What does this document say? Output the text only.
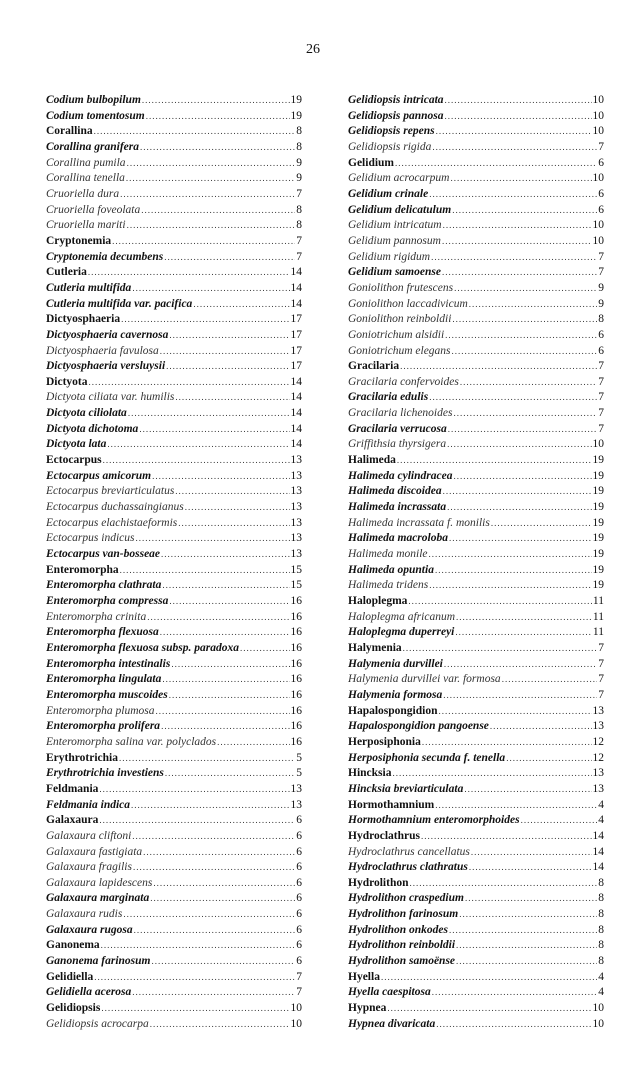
26
Codium bulbopilum .....	19
Codium tomentosum .....	19
Corallina .....	8
Corallina granifera .....	8
Corallina pumila .....	9
Corallina tenella .....	9
Cruoriella dura .....	7
Cruoriella foveolata .....	8
Cruoriella mariti .....	8
Cryptonemia .....	7
Cryptonemia decumbens .....	7
Cutleria .....	14
Cutleria multifida .....	14
Cutleria multifida var. pacifica .....	14
Dictyosphaeria .....	17
Dictyosphaeria cavernosa .....	17
Dictyosphaeria favulosa .....	17
Dictyosphaeria versluysii .....	17
Dictyota .....	14
Dictyota ciliata var. humilis .....	14
Dictyota ciliolata .....	14
Dictyota dichotoma .....	14
Dictyota lata .....	14
Ectocarpus .....	13
Ectocarpus amicorum .....	13
Ectocarpus breviarticulatus .....	13
Ectocarpus duchassaingianus .....	13
Ectocarpus elachistaeformis .....	13
Ectocarpus indicus .....	13
Ectocarpus van-bosseae .....	13
Enteromorpha .....	15
Enteromorpha clathrata .....	15
Enteromorpha compressa .....	16
Enteromorpha crinita .....	16
Enteromorpha flexuosa .....	16
Enteromorpha flexuosa subsp. paradoxa .....	16
Enteromorpha intestinalis .....	16
Enteromorpha lingulata .....	16
Enteromorpha muscoides .....	16
Enteromorpha plumosa .....	16
Enteromorpha prolifera .....	16
Enteromorpha salina var. polyclados .....	16
Erythrotrichia .....	5
Erythrotrichia investiens .....	5
Feldmania .....	13
Feldmania indica .....	13
Galaxaura .....	6
Galaxaura cliftoni .....	6
Galaxaura fastigiata .....	6
Galaxaura fragilis .....	6
Galaxaura lapidescens .....	6
Galaxaura marginata .....	6
Galaxaura rudis .....	6
Galaxaura rugosa .....	6
Ganonema .....	6
Ganonema farinosum .....	6
Gelidiella .....	7
Gelidiella acerosa .....	7
Gelidiopsis .....	10
Gelidiopsis acrocarpa .....	10
Gelidiopsis intricata .....	10
Gelidiopsis pannosa .....	10
Gelidiopsis repens .....	10
Gelidiopsis rigida .....	7
Gelidium .....	6
Gelidium acrocarpum .....	10
Gelidium crinale .....	6
Gelidium delicatulum .....	6
Gelidium intricatum .....	10
Gelidium pannosum .....	10
Gelidium rigidum .....	7
Gelidium samoense .....	7
Goniolithon frutescens .....	9
Goniolithon laccadivicum .....	9
Goniolithon reinboldii .....	8
Goniotrichum alsidii .....	6
Goniotrichum elegans .....	6
Gracilaria .....	7
Gracilaria confervoides .....	7
Gracilaria edulis .....	7
Gracilaria lichenoides .....	7
Gracilaria verrucosa .....	7
Griffithsia thyrsigera .....	10
Halimeda .....	19
Halimeda cylindracea .....	19
Halimeda discoidea .....	19
Halimeda incrassata .....	19
Halimeda incrassata f. monilis .....	19
Halimeda macroloba .....	19
Halimeda monile .....	19
Halimeda opuntia .....	19
Halimeda tridens .....	19
Haloplegma .....	11
Haloplegma africanum .....	11
Haloplegma duperreyi .....	11
Halymenia .....	7
Halymenia durvillei .....	7
Halymenia durvillei var. formosa .....	7
Halymenia formosa .....	7
Hapalospongidion .....	13
Hapalospongidion pangoense .....	13
Herposiphonia .....	12
Herposiphonia secunda f. tenella .....	12
Hincksia .....	13
Hincksia breviarticulata .....	13
Hormothamnium .....	4
Hormothamnium enteromorphoides .....	4
Hydroclathrus .....	14
Hydroclathrus cancellatus .....	14
Hydroclathrus clathratus .....	14
Hydrolithon .....	8
Hydrolithon craspedium .....	8
Hydrolithon farinosum .....	8
Hydrolithon onkodes .....	8
Hydrolithon reinboldii .....	8
Hydrolithon samoënse .....	8
Hyella .....	4
Hyella caespitosa .....	4
Hypnea .....	10
Hypnea divaricata .....	10
